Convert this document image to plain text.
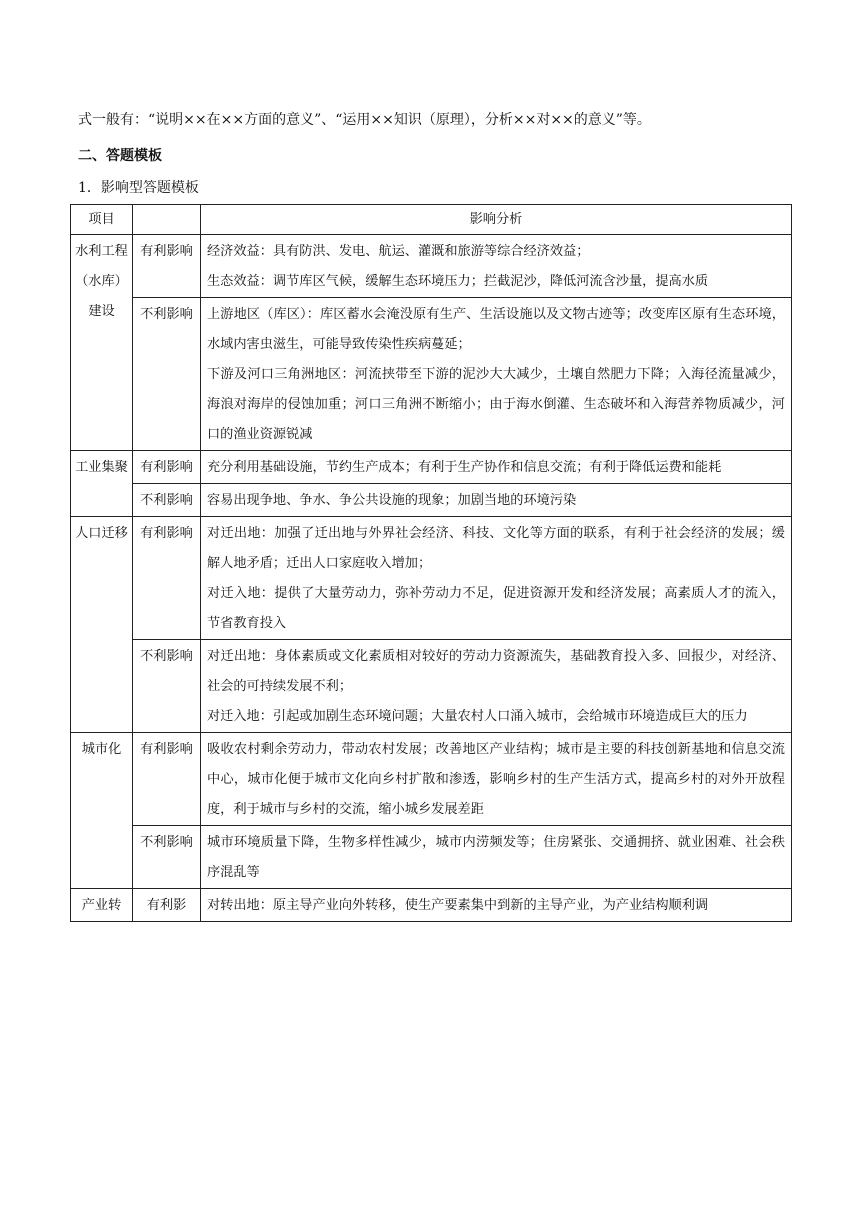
式一般有：“说明××在××方面的意义”、“运用××知识（原理），分析××对××的意义”等。
二、答题模板
1．影响型答题模板
项目		影响分析
水利工程（水库）建设	有利影响	经济效益：具有防洪、发电、航运、灌溉和旅游等综合经济效益；
生态效益：调节库区气候，缓解生态环境压力；拦截泥沙，降低河流含沙量，提高水质

	不利影响	上游地区（库区）：库区蓄水会淹没原有生产、生活设施以及文物古迹等；改变库区原有生态环境，水域内害虫滋生，可能导致传染性疾病蔓延；
下游及河口三角洲地区：河流挟带至下游的泥沙大大减少，土壤自然肥力下降；入海径流量减少，海浪对海岸的侵蚀加重；河口三角洲不断缩小；由于海水倒灌、生态破坏和入海营养物质减少，河口的渔业资源锐减

工业集聚	有利影响	充分利用基础设施，节约生产成本；有利于生产协作和信息交流；有利于降低运费和能耗

	不利影响	容易出现争地、争水、争公共设施的现象；加剧当地的环境污染

人口迁移	有利影响	对迁出地：加强了迁出地与外界社会经济、科技、文化等方面的联系，有利于社会经济的发展；缓解人地矛盾；迁出人口家庭收入增加；
对迁入地：提供了大量劳动力，弥补劳动力不足，促进资源开发和经济发展；高素质人才的流入，节省教育投入

	不利影响	对迁出地：身体素质或文化素质相对较好的劳动力资源流失，基础教育投入多、回报少，对经济、社会的可持续发展不利；
对迁入地：引起或加剧生态环境问题；大量农村人口涌入城市，会给城市环境造成巨大的压力

城市化	有利影响	吸收农村剩余劳动力，带动农村发展；改善地区产业结构；城市是主要的科技创新基地和信息交流中心，城市化便于城市文化向乡村扩散和渗透，影响乡村的生产生活方式，提高乡村的对外开放程度，利于城市与乡村的交流，缩小城乡发展差距

	不利影响	城市环境质量下降，生物多样性减少，城市内涝频发等；住房紧张、交通拥挤、就业困难、社会秩序混乱等

产业转	有利影	对转出地：原主导产业向外转移，使生产要素集中到新的主导产业，为产业结构顺利调
